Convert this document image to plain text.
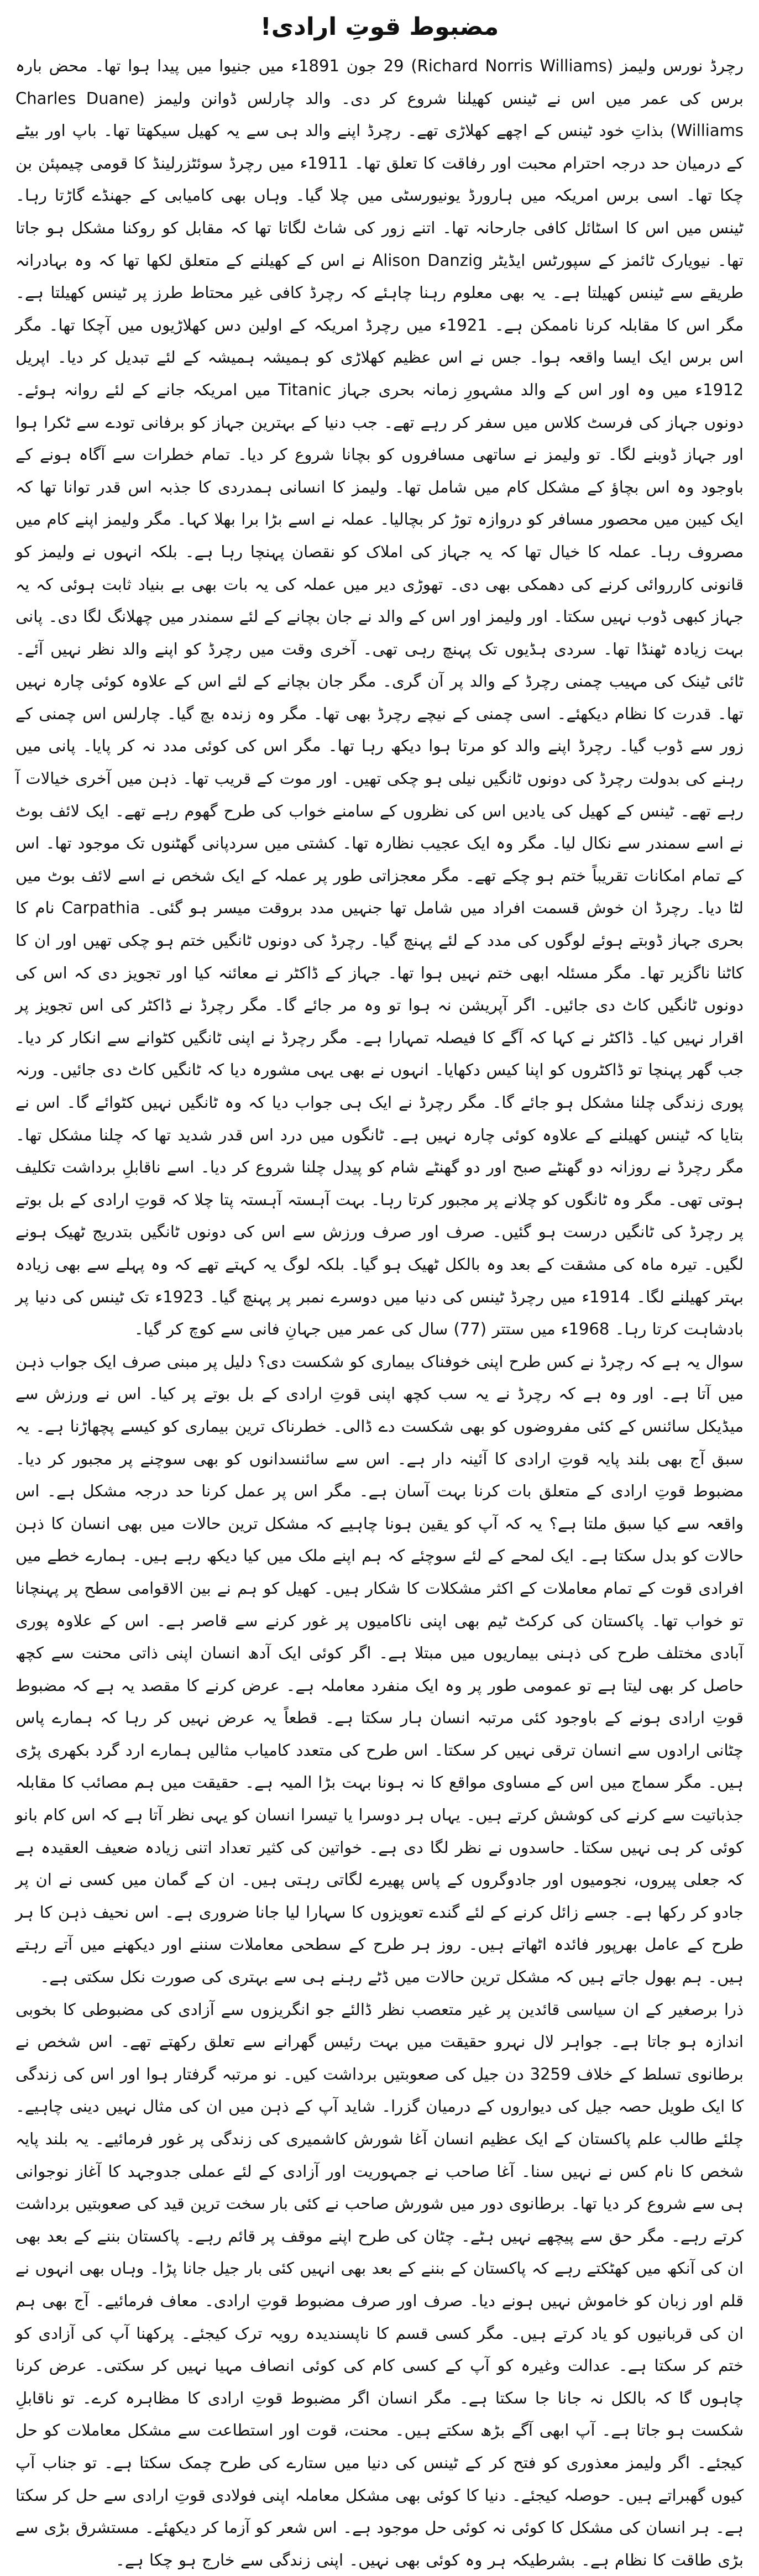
مضبوط قوتِ ارادی!

رچرڈ نورس ولیمز (Richard Norris Williams) 29 جون 1891ء میں جنیوا میں پیدا ہوا تھا۔ محض بارہ برس کی عمر میں اس نے ٹینس کھیلنا شروع کر دی۔ والد چارلس ڈوانن ولیمز (Charles Duane Williams) بذاتِ خود ٹینس کے اچھے کھلاڑی تھے۔ رچرڈ اپنے والد ہی سے یہ کھیل سیکھتا تھا۔ باپ اور بیٹے کے درمیان حد درجہ احترام محبت اور رفاقت کا تعلق تھا۔ 1911ء میں رچرڈ سوئٹزرلینڈ کا قومی چیمپئن بن چکا تھا۔ اسی برس امریکہ میں ہارورڈ یونیورسٹی میں چلا گیا۔ وہاں بھی کامیابی کے جھنڈے گاڑتا رہا۔ ٹینس میں اس کا اسٹائل کافی جارحانہ تھا۔ اتنے زور کی شاٹ لگاتا تھا کہ مقابل کو روکنا مشکل ہو جاتا تھا۔ نیویارک ٹائمز کے سپورٹس ایڈیٹر Alison Danzig نے اس کے کھیلنے کے متعلق لکھا تھا کہ وہ بہادرانہ طریقے سے ٹینس کھیلتا ہے۔ یہ بھی معلوم رہنا چاہئے کہ رچرڈ کافی غیر محتاط طرز پر ٹینس کھیلتا ہے۔ مگر اس کا مقابلہ کرنا ناممکن ہے۔ 1921ء میں رچرڈ امریکہ کے اولین دس کھلاڑیوں میں آچکا تھا۔ مگر اس برس ایک ایسا واقعہ ہوا۔ جس نے اس عظیم کھلاڑی کو ہمیشہ ہمیشہ کے لئے تبدیل کر دیا۔ اپریل 1912ء میں وہ اور اس کے والد مشہورِ زمانہ بحری جہاز Titanic میں امریکہ جانے کے لئے روانہ ہوئے۔ دونوں جہاز کی فرسٹ کلاس میں سفر کر رہے تھے۔ جب دنیا کے بہترین جہاز کو برفانی تودے سے ٹکرا ہوا اور جہاز ڈوبنے لگا۔ تو ولیمز نے ساتھی مسافروں کو بچانا شروع کر دیا۔ تمام خطرات سے آگاہ ہونے کے باوجود وہ اس بچاؤ کے مشکل کام میں شامل تھا۔ ولیمز کا انسانی ہمدردی کا جذبہ اس قدر توانا تھا کہ ایک کیبن میں محصور مسافر کو دروازہ توڑ کر بچالیا۔ عملہ نے اسے بڑا برا بھلا کہا۔ مگر ولیمز اپنے کام میں مصروف رہا۔ عملہ کا خیال تھا کہ یہ جہاز کی املاک کو نقصان پہنچا رہا ہے۔ بلکہ انہوں نے ولیمز کو قانونی کارروائی کرنے کی دھمکی بھی دی۔ تھوڑی دیر میں عملہ کی یہ بات بھی بے بنیاد ثابت ہوئی کہ یہ جہاز کبھی ڈوب نہیں سکتا۔ اور ولیمز اور اس کے والد نے جان بچانے کے لئے سمندر میں چھلانگ لگا دی۔ پانی بہت زیادہ ٹھنڈا تھا۔ سردی ہڈیوں تک پہنچ رہی تھی۔ آخری وقت میں رچرڈ کو اپنے والد نظر نہیں آئے۔ ٹائی ٹینک کی مہیب چمنی رچرڈ کے والد پر آن گری۔ مگر جان بچانے کے لئے اس کے علاوہ کوئی چارہ نہیں تھا۔ قدرت کا نظام دیکھئے۔ اسی چمنی کے نیچے رچرڈ بھی تھا۔ مگر وہ زندہ بچ گیا۔ چارلس اس چمنی کے زور سے ڈوب گیا۔ رچرڈ اپنے والد کو مرتا ہوا دیکھ رہا تھا۔ مگر اس کی کوئی مدد نہ کر پایا۔ پانی میں رہنے کی بدولت رچرڈ کی دونوں ٹانگیں نیلی ہو چکی تھیں۔ اور موت کے قریب تھا۔ ذہن میں آخری خیالات آ رہے تھے۔ ٹینس کے کھیل کی یادیں اس کی نظروں کے سامنے خواب کی طرح گھوم رہے تھے۔ ایک لائف بوٹ نے اسے سمندر سے نکال لیا۔ مگر وہ ایک عجیب نظارہ تھا۔ کشتی میں سردپانی گھٹنوں تک موجود تھا۔ اس کے تمام امکانات تقریباً ختم ہو چکے تھے۔ مگر معجزاتی طور پر عملہ کے ایک شخص نے اسے لائف بوٹ میں لٹا دیا۔ رچرڈ ان خوش قسمت افراد میں شامل تھا جنہیں مدد بروقت میسر ہو گئی۔ Carpathia نام کا بحری جہاز ڈوبتے ہوئے لوگوں کی مدد کے لئے پہنچ گیا۔ رچرڈ کی دونوں ٹانگیں ختم ہو چکی تھیں اور ان کا کاٹنا ناگزیر تھا۔ مگر مسئلہ ابھی ختم نہیں ہوا تھا۔ جہاز کے ڈاکٹر نے معائنہ کیا اور تجویز دی کہ اس کی دونوں ٹانگیں کاٹ دی جائیں۔ اگر آپریشن نہ ہوا تو وہ مر جائے گا۔ مگر رچرڈ نے ڈاکٹر کی اس تجویز پر اقرار نہیں کیا۔ ڈاکٹر نے کہا کہ آگے کا فیصلہ تمہارا ہے۔ مگر رچرڈ نے اپنی ٹانگیں کٹوانے سے انکار کر دیا۔ جب گھر پہنچا تو ڈاکٹروں کو اپنا کیس دکھایا۔ انہوں نے بھی یہی مشورہ دیا کہ ٹانگیں کاٹ دی جائیں۔ ورنہ پوری زندگی چلنا مشکل ہو جائے گا۔ مگر رچرڈ نے ایک ہی جواب دیا کہ وہ ٹانگیں نہیں کٹوائے گا۔ اس نے بتایا کہ ٹینس کھیلنے کے علاوہ کوئی چارہ نہیں ہے۔ ٹانگوں میں درد اس قدر شدید تھا کہ چلنا مشکل تھا۔ مگر رچرڈ نے روزانہ دو گھنٹے صبح اور دو گھنٹے شام کو پیدل چلنا شروع کر دیا۔ اسے ناقابلِ برداشت تکلیف ہوتی تھی۔ مگر وہ ٹانگوں کو چلانے پر مجبور کرتا رہا۔ بہت آہستہ آہستہ پتا چلا کہ قوتِ ارادی کے بل بوتے پر رچرڈ کی ٹانگیں درست ہو گئیں۔ صرف اور صرف ورزش سے اس کی دونوں ٹانگیں بتدریج ٹھیک ہونے لگیں۔ تیرہ ماہ کی مشقت کے بعد وہ بالکل ٹھیک ہو گیا۔ بلکہ لوگ یہ کہتے تھے کہ وہ پہلے سے بھی زیادہ بہتر کھیلنے لگا۔ 1914ء میں رچرڈ ٹینس کی دنیا میں دوسرے نمبر پر پہنچ گیا۔ 1923ء تک ٹینس کی دنیا پر بادشاہت کرتا رہا۔ 1968ء میں ستتر (77) سال کی عمر میں جہانِ فانی سے کوچ کر گیا۔

سوال یہ ہے کہ رچرڈ نے کس طرح اپنی خوفناک بیماری کو شکست دی؟ دلیل پر مبنی صرف ایک جواب ذہن میں آتا ہے۔ اور وہ ہے کہ رچرڈ نے یہ سب کچھ اپنی قوتِ ارادی کے بل بوتے پر کیا۔ اس نے ورزش سے میڈیکل سائنس کے کئی مفروضوں کو بھی شکست دے ڈالی۔ خطرناک ترین بیماری کو کیسے پچھاڑنا ہے۔ یہ سبق آج بھی بلند پایہ قوتِ ارادی کا آئینہ دار ہے۔ اس سے سائنسدانوں کو بھی سوچنے پر مجبور کر دیا۔ مضبوط قوتِ ارادی کے متعلق بات کرنا بہت آسان ہے۔ مگر اس پر عمل کرنا حد درجہ مشکل ہے۔ اس واقعہ سے کیا سبق ملتا ہے؟ یہ کہ آپ کو یقین ہونا چاہیے کہ مشکل ترین حالات میں بھی انسان کا ذہن حالات کو بدل سکتا ہے۔ ایک لمحے کے لئے سوچئے کہ ہم اپنے ملک میں کیا دیکھ رہے ہیں۔ ہمارے خطے میں افرادی قوت کے تمام معاملات کے اکثر مشکلات کا شکار ہیں۔ کھیل کو ہم نے بین الاقوامی سطح پر پہنچانا تو خواب تھا۔ پاکستان کی کرکٹ ٹیم بھی اپنی ناکامیوں پر غور کرنے سے قاصر ہے۔ اس کے علاوہ پوری آبادی مختلف طرح کی ذہنی بیماریوں میں مبتلا ہے۔ اگر کوئی ایک آدھ انسان اپنی ذاتی محنت سے کچھ حاصل کر بھی لیتا ہے تو عمومی طور پر وہ ایک منفرد معاملہ ہے۔ عرض کرنے کا مقصد یہ ہے کہ مضبوط قوتِ ارادی ہونے کے باوجود کئی مرتبہ انسان ہار سکتا ہے۔ قطعاً یہ عرض نہیں کر رہا کہ ہمارے پاس چٹانی ارادوں سے انسان ترقی نہیں کر سکتا۔ اس طرح کی متعدد کامیاب مثالیں ہمارے ارد گرد بکھری پڑی ہیں۔ مگر سماج میں اس کے مساوی مواقع کا نہ ہونا بہت بڑا المیہ ہے۔ حقیقت میں ہم مصائب کا مقابلہ جذباتیت سے کرنے کی کوشش کرتے ہیں۔ یہاں ہر دوسرا یا تیسرا انسان کو یہی نظر آتا ہے کہ اس کام بانو کوئی کر ہی نہیں سکتا۔ حاسدوں نے نظر لگا دی ہے۔ خواتین کی کثیر تعداد اتنی زیادہ ضعیف العقیدہ ہے کہ جعلی پیروں، نجومیوں اور جادوگروں کے پاس پھیرے لگاتی رہتی ہیں۔ ان کے گمان میں کسی نے ان پر جادو کر رکھا ہے۔ جسے زائل کرنے کے لئے گندے تعویزوں کا سہارا لیا جانا ضروری ہے۔ اس نحیف ذہن کا ہر طرح کے عامل بھرپور فائدہ اٹھاتے ہیں۔ روز ہر طرح کے سطحی معاملات سننے اور دیکھنے میں آتے رہتے ہیں۔ ہم بھول جاتے ہیں کہ مشکل ترین حالات میں ڈٹے رہنے ہی سے بہتری کی صورت نکل سکتی ہے۔

ذرا برصغیر کے ان سیاسی قائدین پر غیر متعصب نظر ڈالئے جو انگریزوں سے آزادی کی مضبوطی کا بخوبی اندازہ ہو جاتا ہے۔ جواہر لال نہرو حقیقت میں بہت رئیس گھرانے سے تعلق رکھتے تھے۔ اس شخص نے برطانوی تسلط کے خلاف 3259 دن جیل کی صعوبتیں برداشت کیں۔ نو مرتبہ گرفتار ہوا اور اس کی زندگی کا ایک طویل حصہ جیل کی دیواروں کے درمیان گزرا۔ شاید آپ کے ذہن میں ان کی مثال نہیں دینی چاہیے۔ چلئے طالب علم پاکستان کے ایک عظیم انسان آغا شورش کاشمیری کی زندگی پر غور فرمائیے۔ یہ بلند پایہ شخص کا نام کس نے نہیں سنا۔ آغا صاحب نے جمہوریت اور آزادی کے لئے عملی جدوجہد کا آغاز نوجوانی ہی سے شروع کر دیا تھا۔ برطانوی دور میں شورش صاحب نے کئی بار سخت ترین قید کی صعوبتیں برداشت کرتے رہے۔ مگر حق سے پیچھے نہیں ہٹے۔ چٹان کی طرح اپنے موقف پر قائم رہے۔ پاکستان بننے کے بعد بھی ان کی آنکھ میں کھٹکتے رہے کہ پاکستان کے بننے کے بعد بھی انہیں کئی بار جیل جانا پڑا۔ وہاں بھی انہوں نے قلم اور زبان کو خاموش نہیں ہونے دیا۔ صرف اور صرف مضبوط قوتِ ارادی۔ معاف فرمائیے۔ آج بھی ہم ان کی قربانیوں کو یاد کرتے ہیں۔ مگر کسی قسم کا ناپسندیدہ رویہ ترک کیجئے۔ پرکھنا آپ کی آزادی کو ختم کر سکتا ہے۔ عدالت وغیرہ کو آپ کے کسی کام کی کوئی انصاف مہیا نہیں کر سکتی۔ عرض کرنا چاہوں گا کہ بالکل نہ جانا جا سکتا ہے۔ مگر انسان اگر مضبوط قوتِ ارادی کا مظاہرہ کرے۔ تو ناقابلِ شکست ہو جاتا ہے۔ آپ ابھی آگے بڑھ سکتے ہیں۔ محنت، قوت اور استطاعت سے مشکل معاملات کو حل کیجئے۔ اگر ولیمز معذوری کو فتح کر کے ٹینس کی دنیا میں ستارے کی طرح چمک سکتا ہے۔ تو جناب آپ کیوں گھبراتے ہیں۔ حوصلہ کیجئے۔ دنیا کا کوئی بھی مشکل معاملہ اپنی فولادی قوتِ ارادی سے حل کر سکتا ہے۔ ہر انسان کی مشکل کا کوئی نہ کوئی حل موجود ہے۔ اس شعر کو آزما کر دیکھئے۔ مستشرق بڑی سے بڑی طاقت کا نظام ہے۔ بشرطیکہ ہر وہ کوئی بھی نہیں۔ اپنی زندگی سے خارج ہو چکا ہے۔
